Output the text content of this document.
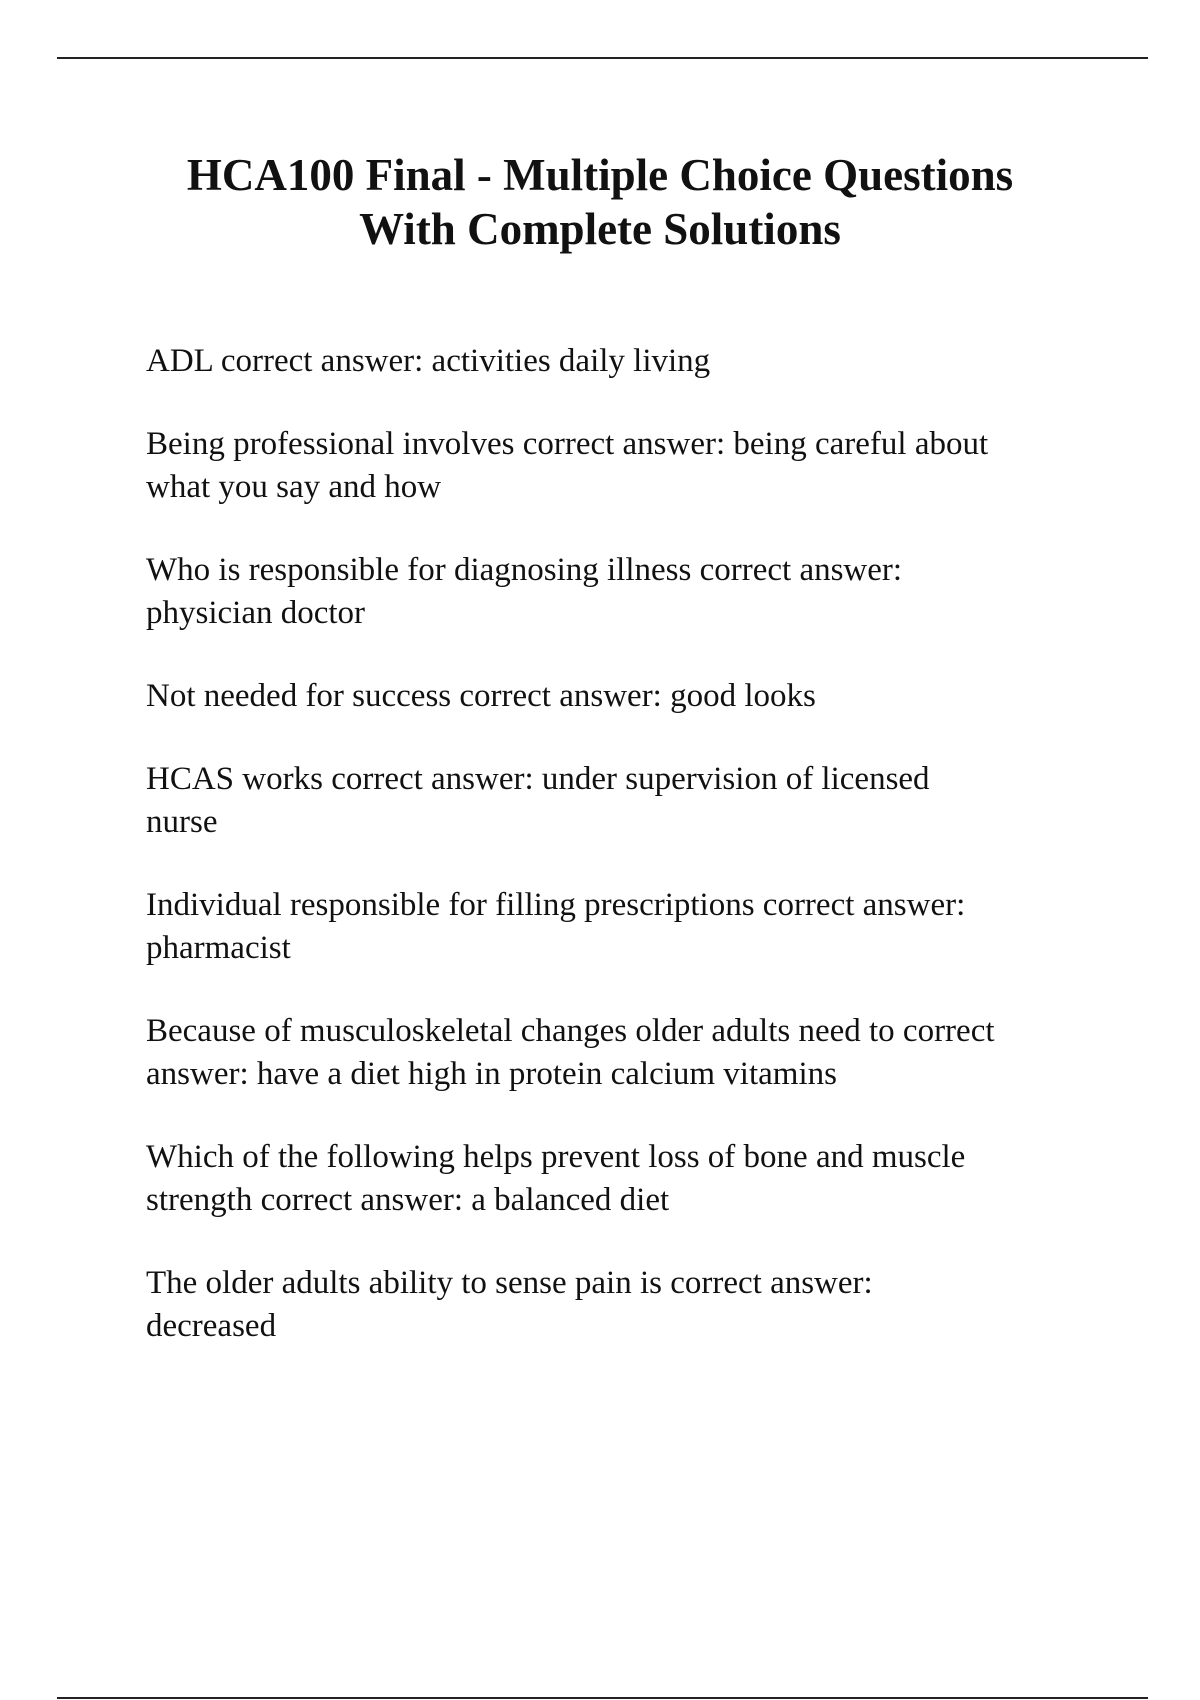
HCA100 Final - Multiple Choice Questions
With Complete Solutions

ADL correct answer: activities daily living

Being professional involves correct answer: being careful about
what you say and how

Who is responsible for diagnosing illness correct answer:
physician doctor

Not needed for success correct answer: good looks

HCAS works correct answer: under supervision of licensed
nurse

Individual responsible for filling prescriptions correct answer:
pharmacist

Because of musculoskeletal changes older adults need to correct
answer: have a diet high in protein calcium vitamins

Which of the following helps prevent loss of bone and muscle
strength correct answer: a balanced diet

The older adults ability to sense pain is correct answer:
decreased
